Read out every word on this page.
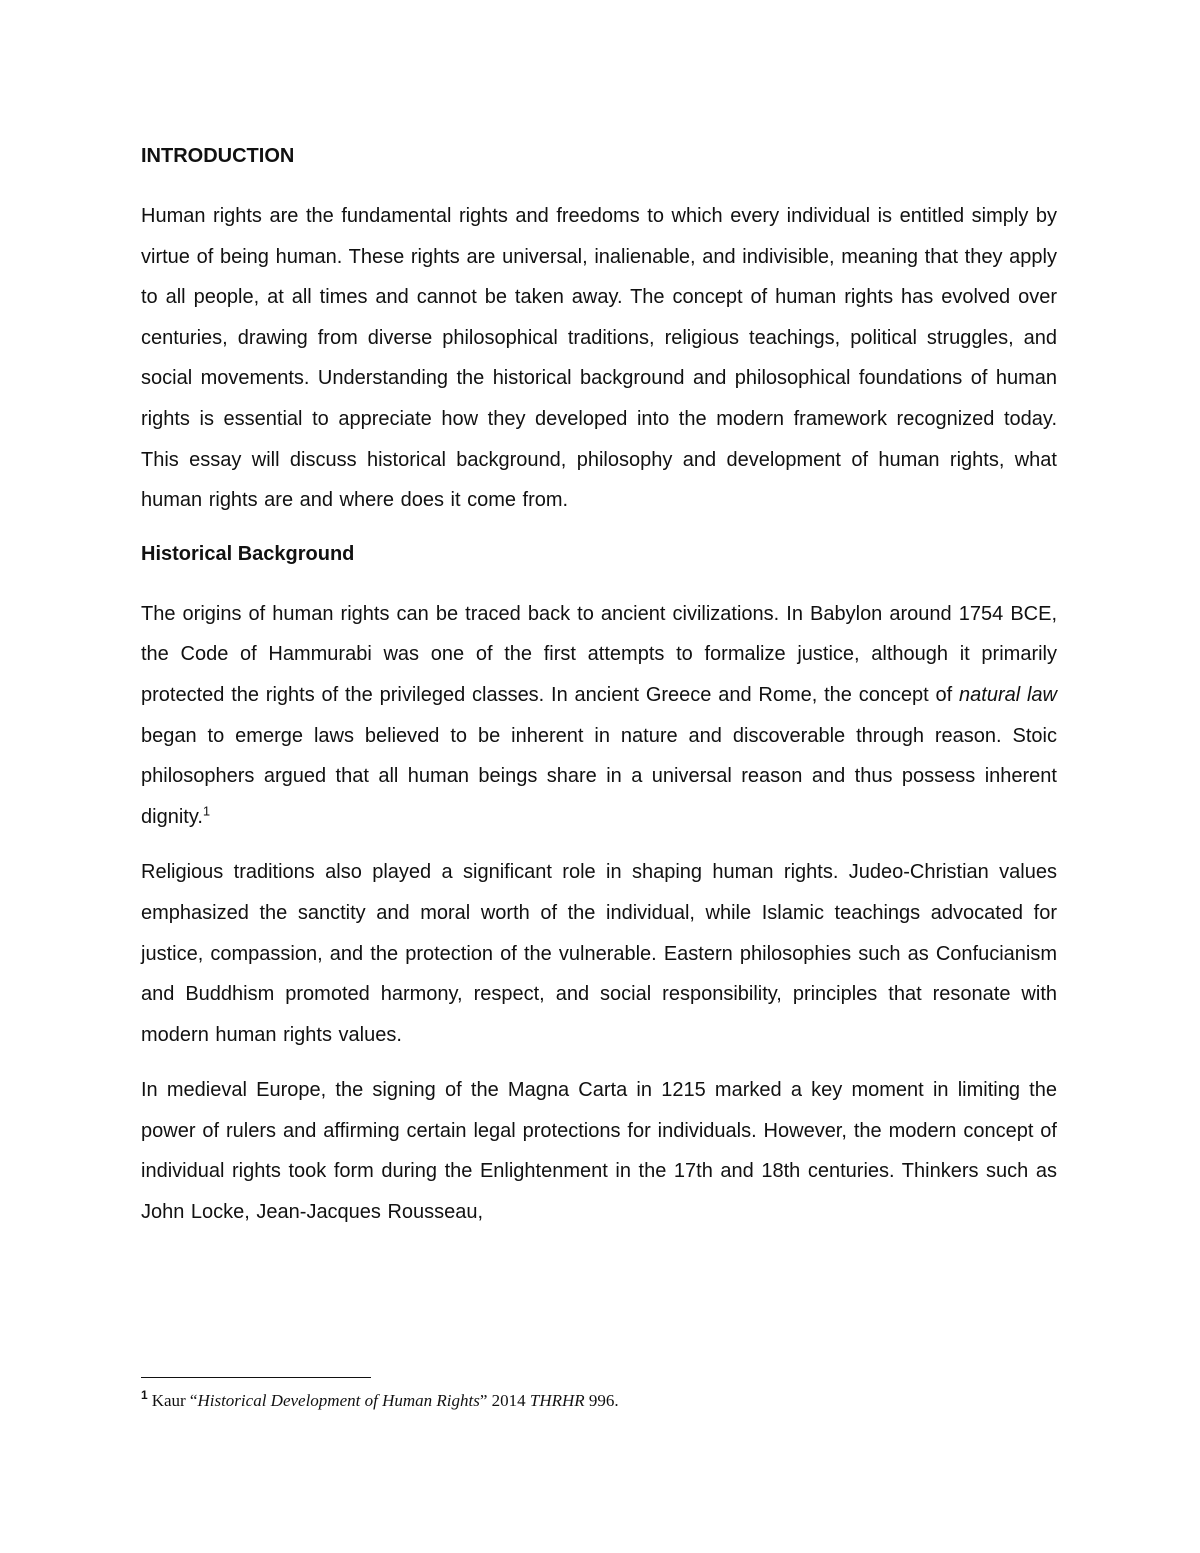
INTRODUCTION

Human rights are the fundamental rights and freedoms to which every individual is entitled simply by virtue of being human. These rights are universal, inalienable, and indivisible, meaning that they apply to all people, at all times and cannot be taken away. The concept of human rights has evolved over centuries, drawing from diverse philosophical traditions, religious teachings, political struggles, and social movements. Understanding the historical background and philosophical foundations of human rights is essential to appreciate how they developed into the modern framework recognized today. This essay will discuss historical background, philosophy and development of human rights, what human rights are and where does it come from.

Historical Background

The origins of human rights can be traced back to ancient civilizations. In Babylon around 1754 BCE, the Code of Hammurabi was one of the first attempts to formalize justice, although it primarily protected the rights of the privileged classes. In ancient Greece and Rome, the concept of natural law began to emerge laws believed to be inherent in nature and discoverable through reason. Stoic philosophers argued that all human beings share in a universal reason and thus possess inherent dignity.$^1$

Religious traditions also played a significant role in shaping human rights. Judeo-Christian values emphasized the sanctity and moral worth of the individual, while Islamic teachings advocated for justice, compassion, and the protection of the vulnerable. Eastern philosophies such as Confucianism and Buddhism promoted harmony, respect, and social responsibility, principles that resonate with modern human rights values.

In medieval Europe, the signing of the Magna Carta in 1215 marked a key moment in limiting the power of rulers and affirming certain legal protections for individuals. However, the modern concept of individual rights took form during the Enlightenment in the 17th and 18th centuries. Thinkers such as John Locke, Jean-Jacques Rousseau,

$^1$ Kaur “Historical Development of Human Rights” 2014 THRHR 996.
